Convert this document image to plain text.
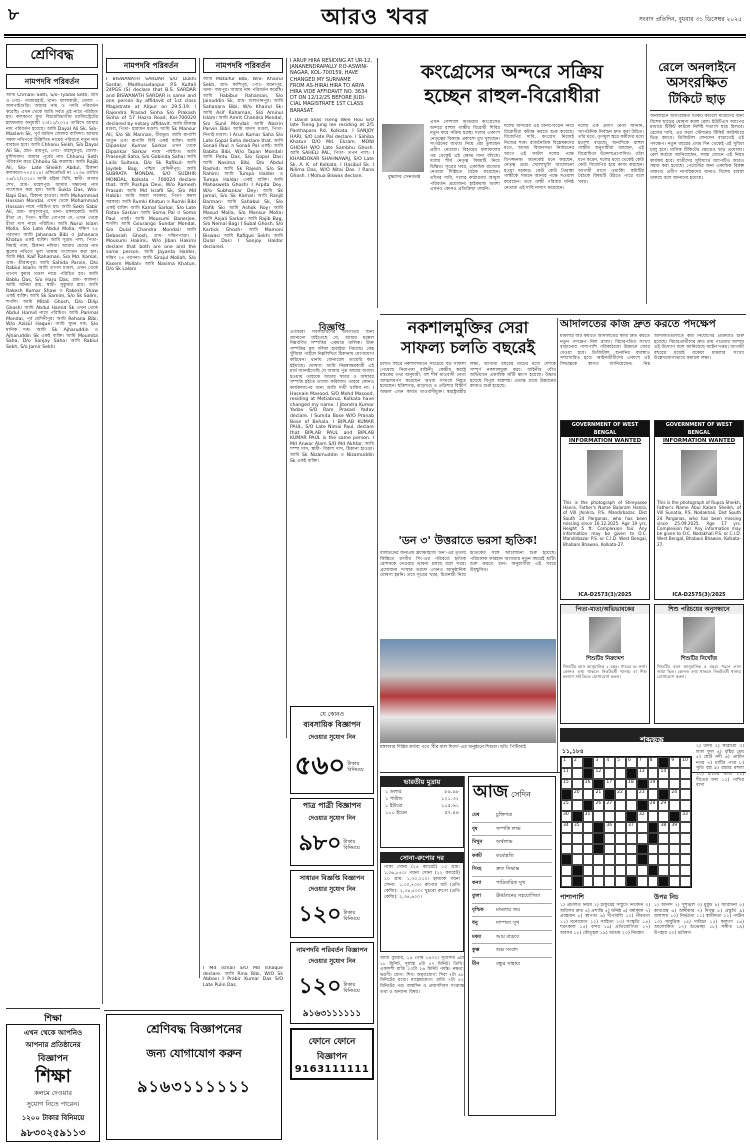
৮	আরও খবর	সংবাদ প্রতিদিন, বুধবার ৩১ ডিসেম্বর ২০২৫
শ্রেণিবদ্ধ
নামপদবি পরিবর্তন
আমি Chmani Seth, S/o- Iyadal Seth, গ্রাম ও পোঃ- গাজারহাট, থানা- ফালাকাটা, জেলা: - জলপাইগুড়ি। আমার নাম ও পদবি পরিবর্তন করেছি। এখন থেকে আমি সর্বত্র এই নামে পরিচিত হব। কলকাতা মুখ্য বিচারবিভাগীয় ম্যাজিস্ট্রেটের হলফনামা অনুযায়ী ২৩/১২/২০২৫ তারিখে আমার নাম পরিবর্তন হয়েছে। আমি Dayal Ali Sk, S/o- Maslem Sk, পূর্ব বর্ধমান জেলার বাসিন্দা। আমার সকল নথিপত্রে উল্লিখিত নামের পরিবর্তে নতুন নাম ব্যবহৃত হবে। আমি Chhonu Seikh, S/o Dayal Ali Sk, গ্রাম- রামপুর, পোঃ- বাহাদুরপুর, জেলা- মুর্শিদাবাদ। আমার পূর্বের নাম Chhonu Seth পরিবর্তন করে Chhonu Sk করলাম। আমি Rajib Ali, S/o- Late Sheikh Abdul, ঠিকানা কলকাতা-৭০০০১৪। এফিডেভিট নং ১২৩৪ তারিখ ২৬/১২/২০২৫। আমি রহিমা বিবি, স্বামী- আলম শেখ, গ্রাম- মহেশপুর। আমার সন্তানের নাম সংশোধন করা হল। আমি Sukla Das, W/o- Bapi Das, ঠিকানা হাওড়া। আমি Mohammad Hossain Mondal, এখন থেকে Mohammad Hossain নামে পরিচিত হব। আমি Sekh Sabir Ali, গ্রাম- বাসুদেবপুর, থানা- মঙ্গলকোট। আমি রীতা দে, পিতা- স্বর্গীয় গোপাল দে, এখন থেকে রীতা দাস নামে পরিচিত। আমি Nurul Islam Molla, S/o Late Abdul Molla, দক্ষিণ ২৪ পরগনা। আমি Jahanara Bibi ও Jahanara Khatun একই ব্যক্তি। আমি সুব্রত পাল, পিতা- নিমাই পাল, ঠিকানা নদিয়া। আমার মেয়ের নাম স্কুলের নথিতে ভুল থাকায় সংশোধন করা হল। আমি Md. Kaif Rahaman, S/o Md. Kamal, গ্রাম- শ্রীরামপুর। আমি Sahida Parvin, D/o Rabiul Islam। আমি তাপস মণ্ডল, এখন থেকে তাপস কুমার মণ্ডল নামে পরিচিত হব। আমি Bablu Das, S/o Haru Das, গ্রাম- কালনা। আমি অনিমা রায়, স্বামী- সুকুমার রায়। আমি Rakesh Kumar Shaw ও Rakesh Shaw একই ব্যক্তি। আমি Sk Samim, S/o Sk Salim, হুগলি। আমি Mitali Ghosh, D/o Dilip Ghosh। আমি Abdul Hamid Sk এখন থেকে Abdul Hamid নামে পরিচিত। আমি Parimal Mondal, পূর্ব মেদিনীপুর। আমি Rehana Bibi, W/o Azizul Haque। আমি সুমন দত্ত, S/o মানিক দত্ত। আমি Sk Ajharuddin ও Ajharuddin Sk একই ব্যক্তি। আমি Moumita Saha, D/o Sanjay Saha। আমি Rabiul Sekh, S/o Jamir Sekh।
নামপদবি পরিবর্তন
I BISWANATH SARDAR S/O Dukhi Sardar, Madhusudanpur P.S Kultali 24PGS (S) declare that B.S. SARDAR and BISWANATH SARDAR is same and one person by affidavit of 1st class Magistrate at Alipur on 29.5.19. I Rajendra Prasad Sinha S/o Prakash Sinha of 57 Hazra Road, Kol-700029 declared by notary affidavit. আমি শ্রীকান্ত মণ্ডল, পিতা- হারাধন মণ্ডল। আমি Sk Mansur Ali, S/o Sk Mannan, বীরভূম। আমি রূপালি খাতুন এবং রূপালি বিবি একই ব্যক্তি। আমি Dipankar Kumar Sarkar এখন থেকে Dipankar Sarkar নামে পরিচিত। আমি Prasenjit Saha, S/o Gobinda Saha। আমি Laila Sultana, D/o Sk Rafikul। আমি Joydeb Bag, পশ্চিম মেদিনীপুর। আমি SUBRATA MONDAL S/O SUDHIR MONDAL, Kolkata - 700024 declare that. আমি Pushpa Devi, W/o Ramesh Prasad। আমি Md Israfil Sk, S/o Md Habib। আমি অমল সরকার, পিতা- কমল সরকার। আমি Rumki Khatun ও Rumki Bibi একই ব্যক্তি। আমি Kamal Sarkar, S/o Late Ratan Sarkar। আমি Soma Pal ও Soma Paul একই। আমি Mousumi Banerjee, হুগলি। আমি Gourango Sundar Mondal, S/o Dulal Chandra Mondal। আমি Debasish Ghosh, গ্রাম- দক্ষিণপাড়া। I Mousumi Hakimi, W/o Jiban Hakimi declare that both are one and the same person. আমি Jayanta Halder, দক্ষিণ ২৪ পরগনা। আমি Sirajul Mollah, S/o Kasem Mollah। আমি Nasima Khatun, D/o Sk Lalan।
নামপদবি পরিবর্তন
আমি Mataifur Bibi, W/o- Khairul Sekh, গ্রাম- কাশিপুর, পোঃ- ময়নাপুর, থানা- জয়পুর। আমার নাম পরিবর্তন করেছি। আমি Habibur Rahaman, S/o Jainuddin Sk, গ্রাম- শুলতানপুর। আমি Sahanara Bibi, W/o Khairul Sk। আমি Asif Rahaman, S/o Aminul Islam। আমি Amrit Chandra Mondal, S/o Sunil Mondal। আমি Nasrin Parvin Bibi। আমি মানস মণ্ডল, পিতা- নিতাই মণ্ডল। I Arun Kumar Saha S/o Late Gopal Saha declare that. আমি Sonali Paul ও Sonali Pal একই। আমি Babita Bibi, W/o Tapan Mondal। আমি Pintu Das, S/o Gopal Das। আমি Nasima Bibi, D/o Abdul Rashid। আমি Sk Rajesh, S/o Sk Rahim। আমি Tumpa Halder ও Tumpa Haldar একই ব্যক্তি। আমি Mahasweta Ghosh। I Arpita Dey, W/o Subhankar Dey। আমি Sk Jamal, S/o Sk Kamal। আমি Ranjit Barman। আমি Sahabul Sk, S/o Rafik Sk। আমি Ashok Roy। আমি Masud Molla, S/o Mansur Molla। আমি Anjali Sarkar। আমি Rajib Bag, S/o Nemai Bag। I Subal Ghosh, S/o Kartick Ghosh। আমি Mamoni Biswas। আমি Rafique Sekh। আমি Dulal Das। I Sanjoy Haldar declared.
I ARUP HIRA RESIDING AT UR-12,
JANANENDRAPALLY P.O-ASWINI-
NAGAR, KOL-700159, HAVE
CHANGED MY SURNAME
FROM AS-HIRAI HIRA TO ARYA
HIRA VIDE AFFIDAVIT NO. 3634
DT ON 12/12/25 BEFORE JUDI-
CIAL MAGISTRATE 1ST CLASS
BARASAT.
I David alias Tseng Wee Hou S/O late Tseng Jung lee residing at 2/5 Panthapara Rd, Kolkata. I SANJOY HARI, S/O Late Pal declare. I Sahiba Khatun D/O Md. Ekram. MONI GHOSH W/O Late Sambhu Ghosh. আমি SAHELI PAL, পিতা- তপন পাল। I KHANDOKAR SHAHNAWAJ, S/O Late Sk. A. K. of Kolkata. I Hasibul Sk. I Nilima Das, W/O Nitai Das. I Rana Ghosh. I Mohua Biswas declare.
বিজ্ঞপ্তি
কংগ্রেসের অন্দরে সক্রিয়
হচ্ছেন রাহুল-বিরোধীরা
বুদ্ধদেব সেনগুপ্ত
এখন সোশ্যাল মিডিয়ায় কংগ্রেসের অন্দরে রাহুল গান্ধীর বিরোধী শিবির নতুন করে সক্রিয় হচ্ছে। দলের একাংশ নেতৃত্বের বিরুদ্ধে প্রকাশ্যে মুখ খুলছেন। সংগঠনের ব্যর্থতা নিয়ে প্রশ্ন তুলছেন প্রবীণ নেতারা। বিহারের ফলাফলের পর থেকেই এই ক্ষোভ দানা বাঁধছে। দলের শীর্ষ নেতৃত্ব বিষয়টি নিয়ে চিন্তিত। সূত্রের খবর, একাধিক রাজ্যের নেতারা দিল্লিতে বৈঠক করেছেন। তাঁদের দাবি, দলের কাঠামোয় আমূল পরিবর্তন প্রয়োজন। হাইকমান্ড অবশ্য এখনও কোনও প্রতিক্রিয়া দেয়নি।
দলের অন্দরের এই টানাপোড়েন নিয়ে বিরোধীরা কটাক্ষ করতে শুরু করেছে। বিজেপির দাবি, কংগ্রেস নিজেই নিজের শত্রু। রাজনৈতিক বিশ্লেষকদের মতে, আসন্ন বিধানসভা নির্বাচনের আগে এই ফাটল দলের পক্ষে বিপজ্জনক। অনেকেই মনে করছেন, নেতৃত্ব প্রশ্নে খোলাখুলি আলোচনা হওয়া দরকার। কেউ কেউ প্রিয়াঙ্কা গান্ধীকে সামনে আনার পক্ষে সওয়াল করেছেন। তবে গান্ধী পরিবার ঘনিষ্ঠ নেতারা এই দাবি নস্যাৎ করেছেন।
দলের এক প্রবীণ নেতা জানান, সাংগঠনিক নির্বাচন দ্রুত করা উচিত। তাঁর মতে, তৃণমূল স্তরে কর্মীদের মধ্যে হতাশা বাড়ছে। অন্যদিকে রাহুল গান্ধীর অনুগামীরা বলছেন, এই বিরোধিতা উদ্দেশ্যপ্রণোদিত। তাঁরা মনে করেন, দলের মধ্যে থেকেই কেউ কেউ বিজেপির হয়ে কাজ করছেন। আগামী মাসে ওয়ার্কিং কমিটির বৈঠকে বিষয়টি উঠতে পারে বলে খবর।
রেলে অনলাইনে
অসংরক্ষিত
টিকিটে ছাড়
অনলাইনে অসংরক্ষিত টিকিট কাটলে যাত্রীদের জন্য বিশেষ ছাড়ের ঘোষণা করল রেল। ইউটিএস অ্যাপের মাধ্যমে টিকিট কাটলে নির্দিষ্ট শতাংশ ছাড় মিলবে। রেলের দাবি, এর ফলে স্টেশনের টিকিট কাউন্টারে ভিড় কমবে। ডিজিটাল লেনদেন বাড়াতেই এই পদক্ষেপ। নতুন বছরের প্রথম দিন থেকেই এই সুবিধা চালু হবে। মাসিক টিকিটের ক্ষেত্রেও ছাড় প্রযোজ্য। রেল কর্তারা জানিয়েছেন, সমস্ত জোনে এই নিয়ম কার্যকর হবে। যাত্রীদের সুবিধার্থে অ্যাপটিও আরও সহজ করা হয়েছে। পেমেন্টের জন্য একাধিক বিকল্প থাকবে। প্রবীণ নাগরিকদের জন্যও বিশেষ ব্যবস্থা থাকছে বলে জানানো হয়েছে।
আদালতের কাজ দ্রুত করতে পদক্ষেপ
মামলার জট কমাতে আদালতের কাজ দ্রুত করতে নতুন পদক্ষেপ নিল রাজ্য। বিচারপতির সংখ্যা বাড়ানোর পাশাপাশি পরিকাঠামো উন্নয়নে জোর দেওয়া হবে। ডিজিটাল শুনানির ব্যবস্থাও সম্প্রসারিত হবে। আইনজীবীদের একাংশ এই সিদ্ধান্তকে স্বাগত জানিয়েছেন। নিম্ন আদালতগুলিতে কর্মী নিয়োগের প্রক্রিয়াও শুরু হয়েছে। বিচারপ্রার্থীদের দ্রুত রায় পাওয়ার আশায় এই উদ্যোগ বলে জানিয়েছে আইন দপ্তর। আগামী বছরের মধ্যেই বকেয়া মামলার সংখ্যা উল্লেখযোগ্যভাবে কমানো লক্ষ্য।
নকশালমুক্তির সেরা
সাফল্য চলতি বছরেই
চলতি বছরে নকশালদমনে সবচেয়ে বড় সাফল্য পেয়েছে নিরাপত্তা বাহিনী। কেন্দ্রীয় স্বরাষ্ট্র মন্ত্রকের তথ্য অনুযায়ী, বহু শীর্ষ মাওবাদী নেতা আত্মসমর্পণ করেছেন অথবা সংঘর্ষে নিহত হয়েছেন। ছত্তিশগড়, ঝাড়খণ্ড ও ওড়িশার বিস্তীর্ণ অঞ্চল এখন কার্যত মাওবাদীমুক্ত। স্বরাষ্ট্রমন্ত্রীর লক্ষ্য, আগামী বছরের মার্চের মধ্যে দেশকে সম্পূর্ণ নকশালমুক্ত করা। বাহিনীর যৌথ অভিযানে একাধিক ঘাঁটি ধ্বংস হয়েছে। উদ্ধার হয়েছে বিপুল অস্ত্রশস্ত্র। প্রত্যন্ত গ্রামে উন্নয়নের কাজও শুরু হয়েছে।
GOVERNMENT OF WEST BENGAL
INFORMATION WANTED
This is the photograph of Shreyasee Hanra, Father's Name Balaram Hanra, of Vill Jhinkra, P.S. Mandirbazar, Dist South 24 Parganas, who has been missing since 16.12.2025. Age 19 yrs, Height 5 ft. Complexion fair. Any information may be given to O.C. Mandirbazar P.S. or C.I.D. West Bengal, Bhabani Bhawan, Kolkata-27.
ICA-D2573(3)/2025
GOVERNMENT OF WEST BENGAL
INFORMATION WANTED
This is the photograph of Rupsa Sheikh, Father's Name Abul Kalam Sheikh, of Vill Sunatia, P.S. Nodakhali, Dist South 24 Parganas, who has been missing since 25.09.2025. Age 17 yrs. Complexion fair. Any information may be given to O.C. Nodakhali P.S. or C.I.D. West Bengal, Bhabani Bhawan, Kolkata-27.
ICA-D2575(3)/2025
পিতা-মাতা/অভিভাবকের
শিশুটির নিরুদ্দেশ
শিশুটির বয়স আনুমানিক ২ বছর। গায়ের রং ফর্সা। কোনও তথ্য থাকলে নিকটবর্তী থানায় বা শিশু কল্যাণ সমিতিতে যোগাযোগ করুন।
শিশু পরিচয়ের অনুসন্ধানে
শিশুটির নিখোঁজ
শিশুটির বয়স আনুমানিক ৫ বছর। পরনে লাল জামা ছিল। কোনও তথ্য থাকলে নিকটবর্তী থানায় যোগাযোগ করুন।
'ডন ৩' উত্তরাতে ভরসা হৃতিক!
বলিউডের জনপ্রিয় ফ্র্যাঞ্চাইজি 'ডন'-এর তৃতীয় কিস্তিতে রণবীর সিং-এর পরিবর্তে হৃতিক রোশনকে নেওয়ার ভাবনা চলছে বলে খবর। প্রযোজনা সংস্থার তরফে এখনও আনুষ্ঠানিক ঘোষণা হয়নি। তবে সূত্রের খবর, চিত্রনাট্য নিয়ে হৃতিকের সঙ্গে আলোচনা শুরু হয়েছে। পরিচালক ফারহান আখতার নতুন বছরেই শুটিং শুরু করতে চান। অনুরাগীরা এই খবরে উচ্ছ্বসিত।
মঙ্গলবার দিল্লির কর্তব্য পথে 'বীর বাল দিবস'-এর অনুষ্ঠানে শিশুরা। ছবি: পিটিআই
যে কোনও
ব্যবসায়িক বিজ্ঞাপন
দেওয়ার সুযোগ নিন
৫৬০ টাকায় বিনিময়ে
পাত্র পাত্রী বিজ্ঞাপন
দেওয়ার সুযোগ নিন
৯৮০ টাকার বিনিময়ে
সাধারন বিজ্ঞপ্তি বিজ্ঞাপন
দেওয়ার সুযোগ নিন
১২০ টাকার বিনিময়ে
নামপদবি পরিবর্তন বিজ্ঞাপন
দেওয়ার সুযোগ নিন
১২০ টাকার বিনিময়ে
৯১৬৩১১১১১১
ফোনে ফোনে
বিজ্ঞাপন
9163111111
এতদ্বারা সর্বসাধারণের অবগতির জন্য জানানো যাইতেছে যে, আমার মক্কেল নিম্নবর্ণিত সম্পত্তির একমাত্র মালিক। উক্ত সম্পত্তির মূল দলিল হারাইয়া গিয়াছে। কেহ খুঁজিয়া পাইলে নিম্নলিখিত ঠিকানায় যোগাযোগ করিবেন। থানায় জেনারেল ডায়েরি করা হইয়াছে। ঘোষণা: আমি নিম্নস্বাক্ষরকারী এই মর্মে জানাইতেছি যে আমার পুত্র আমার অবাধ্য হওয়ায় তাহাকে আমার স্থাবর ও অস্থাবর সম্পত্তি হইতে ত্যাজ্য করিলাম। তাহার কোনও কার্যকলাপের জন্য আমি দায়ী থাকিব না। I Hasnain Masood, S/O Mohd Masood, residing at Metiabruz, Kolkata have changed my name. I Jitendra Kumar Yadav S/O Ram Prasad Yadav declare. I Sumita Bose W/O Pranab Bose of Behala. I BIPLAB KUMAR PAUL, S/O Late Nimai Paul, declare that BIPLAB PAUL and BIPLAB KUMAR PAUL is the same person. I Md Anwar Alam S/O Md Akhtar. আমি শম্পা দাস, স্বামী- বিকাশ দাস, ঠিকানা হাওড়া। আমি Sk Nizamuddin ও Nizamuddin Sk একই ব্যক্তি।
I Md Ismail S/O Md Ishaque declare. আমি Rina Bibi, W/O Sk Abbas। I Prabir Kumar Das S/O Late Pulin Das.
শ্রেণিবদ্ধ বিজ্ঞাপনের
জন্য যোগাযোগ করুন
৯১৬৩১১১১১১
শিক্ষা
এখন থেকে আপনিও
আপনার প্রতিষ্ঠানের
বিজ্ঞাপন
শিক্ষা
কলমে দেওয়ার
সুযোগ নিতে পারেন।
১২০০ টাকার বিনিময়ে
৯৮৩০২৫৯১১৩
ভারতীয় মুদ্রায়
১ ডলার	৮৯.৯৮
১ পাউন্ড	১২১.৩২
১ ইউরো	১০৫.৬১
১০০ ইয়েন	৫৭.৪৪
সোনা-রুপোর দর
পাকা সোনা (২৪ ক্যারেট) ১০ গ্রাম: ১,৩৬,৮৫০। গয়না সোনা (২২ ক্যারেট) ১০ গ্রাম: ১,৩০,০১০। হলমার্ক গয়না সোনা: ১,৩০,৭০০। রুপোর বাট (প্রতি কেজি): ২,৩৪,৫০০। খুচরো রুপো (প্রতি কেজি): ২,৩৪,৬০০।
আজ সেদিন
মেষ	চুক্তিপত্র
বৃষ	সম্পত্তি লাভ
মিথুন	অর্থলাভ
কর্কট	কর্মোন্নতি
সিংহ	দ্রুত সিদ্ধান্ত
কন্যা	পারিবারিক সুখ
তুলা	ঊর্ধ্বতনের সহযোগিতা
বৃশ্চিক	মামলায় জয়
ধনু	দাম্পত্য সুখ
মকর	আয় বাড়বে
কুম্ভ	শুভ সংবাদ
মীন	বন্ধুর সাহায্য
আজ বুধবার, ১৫ পৌষ ১৪৩২। সূর্যোদয় ৬টা ১৮ মিনিট, সূর্যাস্ত ৪টা ৫৭ মিনিট। তিথি: একাদশী রাত্রি ১০টা ২৬ মিনিট পর্যন্ত। নক্ষত্র: ভরণী। যোগ: শিব। অমৃতযোগ: দিবা ৭টা ৪৮ মিনিটের মধ্যে। মাহেন্দ্রযোগ: রাত্রি ৭টা ৫২ মিনিটের পর। জন্মদিন ও প্রয়াণদিবস সংক্রান্ত তথ্য ও অন্যান্য বিষয়।
শব্দছক
১১,১৮৪
1 2	3 4 5 6 7 8	9 10
11	12	13	14
15	16	17	18	19
20	21	22	23	24
25	26 27	28 29
30	31	32	33
34 35	36	37	38 39
১) উদয় ২) কাঠামো ৩) লাল ফুল ৪) বৃষ্টির মেঘ ৫) ছোট নদী ৬) প্রাচীন নগর ৭) মাটির পাত্র ৮) সুতি বস্ত্র ৯) রান্নার মশলা ১০) হাতের কাজ ১১) শীতের ফল ১২) পাখির বাসা
পাশাপাশি
১) প্রচলিত নিয়ম ২) ঠাকুরের সম্মুখে নিবেদন ৩) অতিশয় দ্রুত ৪) প্রশান্তি ৫) ঘনিষ্ঠ ৬) বর্ষাকাল ৭) প্রবহমান ৮) স্থাপত্য ৯) দীপাবলি ১০) নীরবতা ১১) মনোযোগ ১২) সাহিত্য ১৩) সংস্কৃতি ১৪) শরৎকাল ১৫) বন্দর ১৬) প্রতিযোগিতা ১৭) অবসর ১৮) কৌতূহল ১৯) আশ্রয় ২০) নিমন্ত্রণ
উপর নিচ
১) আনন্দ ২) সুশৃঙ্খল ৩) মুকুট ৪) আরাধনা ৫) কাব্যগ্রন্থ ৬) অঙ্গীকার ৭) দিগন্ত ৮) প্রস্তুতি ৯) জলাশয় ১০) নির্ভরতা ১১) স্বাধীনতা ১২) পর্যটন ১৩) সামুদ্রিক ১৪) দারিদ্র্য ১৫) কল্যাণ ১৬) আলোকিত ১৭) শুভেচ্ছা ১৮) সঙ্গীত ১৯) উপহার ২০) ভবিষ্যৎ
